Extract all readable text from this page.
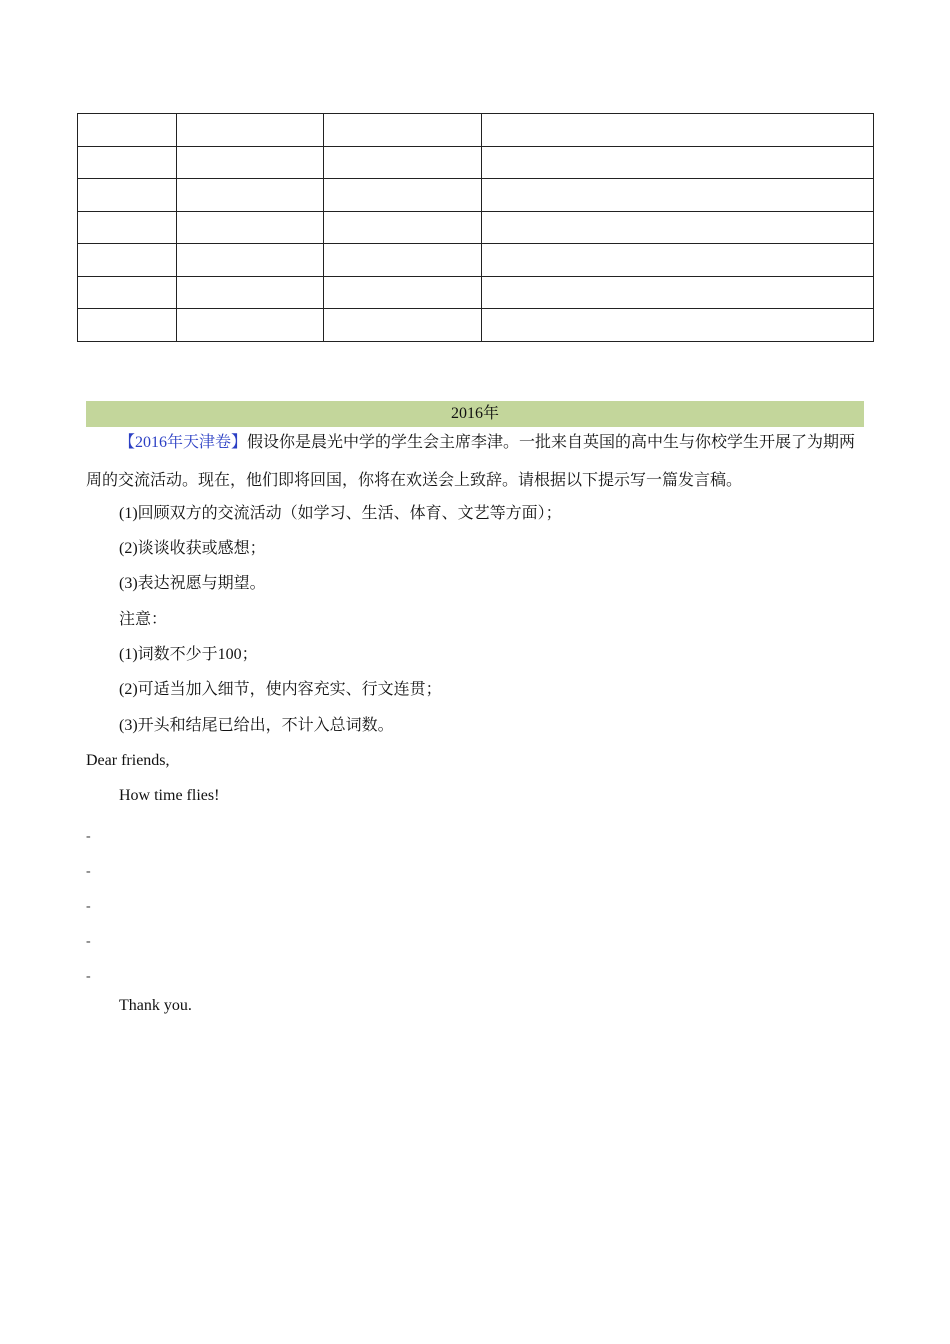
2016年

【2016年天津卷】假设你是晨光中学的学生会主席李津。一批来自英国的高中生与你校学生开展了为期两周的交流活动。现在，他们即将回国，你将在欢送会上致辞。请根据以下提示写一篇发言稿。

(1)回顾双方的交流活动（如学习、生活、体育、文艺等方面）；

(2)谈谈收获或感想；

(3)表达祝愿与期望。

注意：

(1)词数不少于100；

(2)可适当加入细节，使内容充实、行文连贯；

(3)开头和结尾已给出，不计入总词数。

Dear friends,

How time flies!

-

-

-

-

-

Thank you.
